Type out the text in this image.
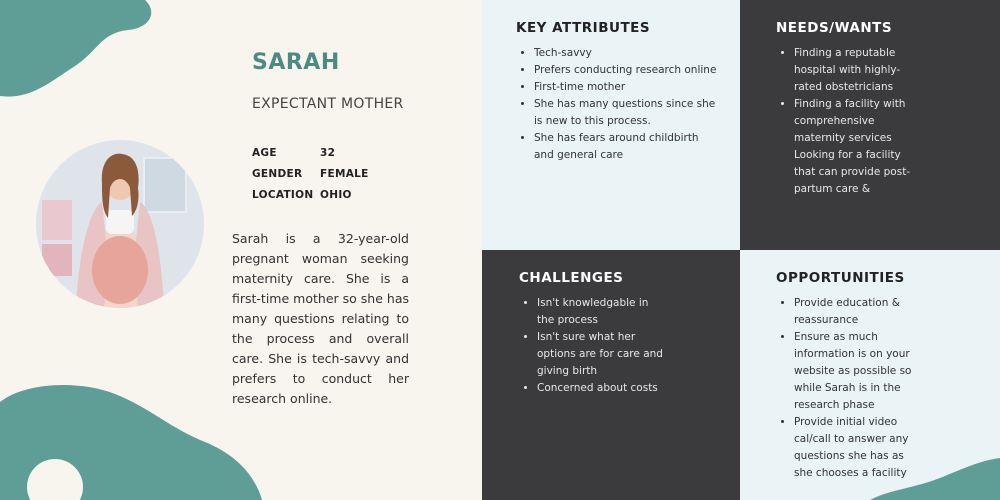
SARAH
EXPECTANT MOTHER
AGE	32
GENDER	FEMALE
LOCATION OHIO

Sarah is a 32-year-old pregnant woman seeking maternity care. She is a first-time mother so she has many questions relating to the process and overall care. She is tech-savvy and prefers to conduct her research online.

KEY ATTRIBUTES
• Tech-savvy
• Prefers conducting research online
• First-time mother
• She has many questions since she is new to this process.
• She has fears around childbirth and general care
NEEDS/WANTS
• Finding a reputable hospital with highly-rated obstetricians
• Finding a facility with comprehensive maternity services Looking for a facility that can provide post-partum care &
CHALLENGES
• Isn't knowledgable in the process
• Isn't sure what her options are for care and giving birth
• Concerned about costs
OPPORTUNITIES
• Provide education & reassurance
• Ensure as much information is on your website as possible so while Sarah is in the research phase
• Provide initial video cal/call to answer any questions she has as she chooses a facility
